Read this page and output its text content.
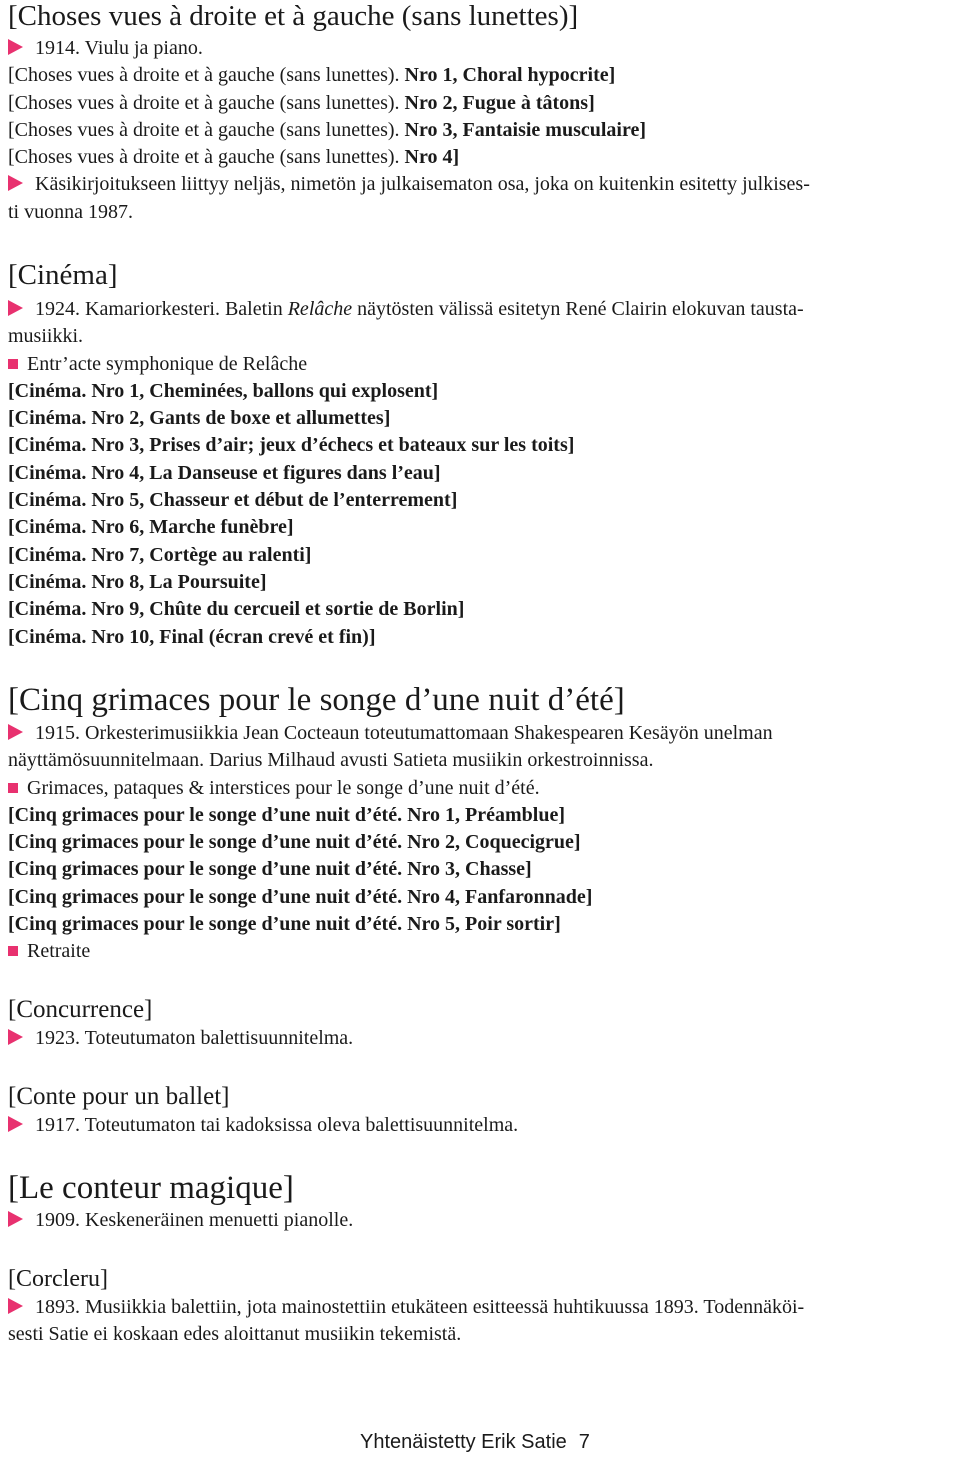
[Choses vues à droite et à gauche (sans lunettes)]

1914. Viulu ja piano.

[Choses vues à droite et à gauche (sans lunettes). Nro 1, Choral hypocrite]

[Choses vues à droite et à gauche (sans lunettes). Nro 2, Fugue à tâtons]

[Choses vues à droite et à gauche (sans lunettes). Nro 3, Fantaisie musculaire]

[Choses vues à droite et à gauche (sans lunettes). Nro 4]

Käsikirjoitukseen liittyy neljäs, nimetön ja julkaisematon osa, joka on kuitenkin esitetty julkises-

ti vuonna 1987.

[Cinéma]

1924. Kamariorkesteri. Baletin Relâche näytösten välissä esitetyn René Clairin elokuvan tausta-

musiikki.

Entr’acte symphonique de Relâche

[Cinéma. Nro 1, Cheminées, ballons qui explosent]

[Cinéma. Nro 2, Gants de boxe et allumettes]

[Cinéma. Nro 3, Prises d’air; jeux d’échecs et bateaux sur les toits]

[Cinéma. Nro 4, La Danseuse et figures dans l’eau]

[Cinéma. Nro 5, Chasseur et début de l’enterrement]

[Cinéma. Nro 6, Marche funèbre]

[Cinéma. Nro 7, Cortège au ralenti]

[Cinéma. Nro 8, La Poursuite]

[Cinéma. Nro 9, Chûte du cercueil et sortie de Borlin]

[Cinéma. Nro 10, Final (écran crevé et fin)]

[Cinq grimaces pour le songe d’une nuit d’été]

1915. Orkesterimusiikkia Jean Cocteaun toteutumattomaan Shakespearen Kesäyön unelman

näyttämösuunnitelmaan. Darius Milhaud avusti Satieta musiikin orkestroinnissa.

Grimaces, pataques & interstices pour le songe d’une nuit d’été.

[Cinq grimaces pour le songe d’une nuit d’été. Nro 1, Préamblue]

[Cinq grimaces pour le songe d’une nuit d’été. Nro 2, Coquecigrue]

[Cinq grimaces pour le songe d’une nuit d’été. Nro 3, Chasse]

[Cinq grimaces pour le songe d’une nuit d’été. Nro 4, Fanfaronnade]

[Cinq grimaces pour le songe d’une nuit d’été. Nro 5, Poir sortir]

Retraite

[Concurrence]

1923. Toteutumaton balettisuunnitelma.

[Conte pour un ballet]

1917. Toteutumaton tai kadoksissa oleva balettisuunnitelma.

[Le conteur magique]

1909. Keskeneräinen menuetti pianolle.

[Corcleru]

1893. Musiikkia balettiin, jota mainostettiin etukäteen esitteessä huhtikuussa 1893. Todennäköi-

sesti Satie ei koskaan edes aloittanut musiikin tekemistä.

Yhtenäistetty Erik Satie 7
